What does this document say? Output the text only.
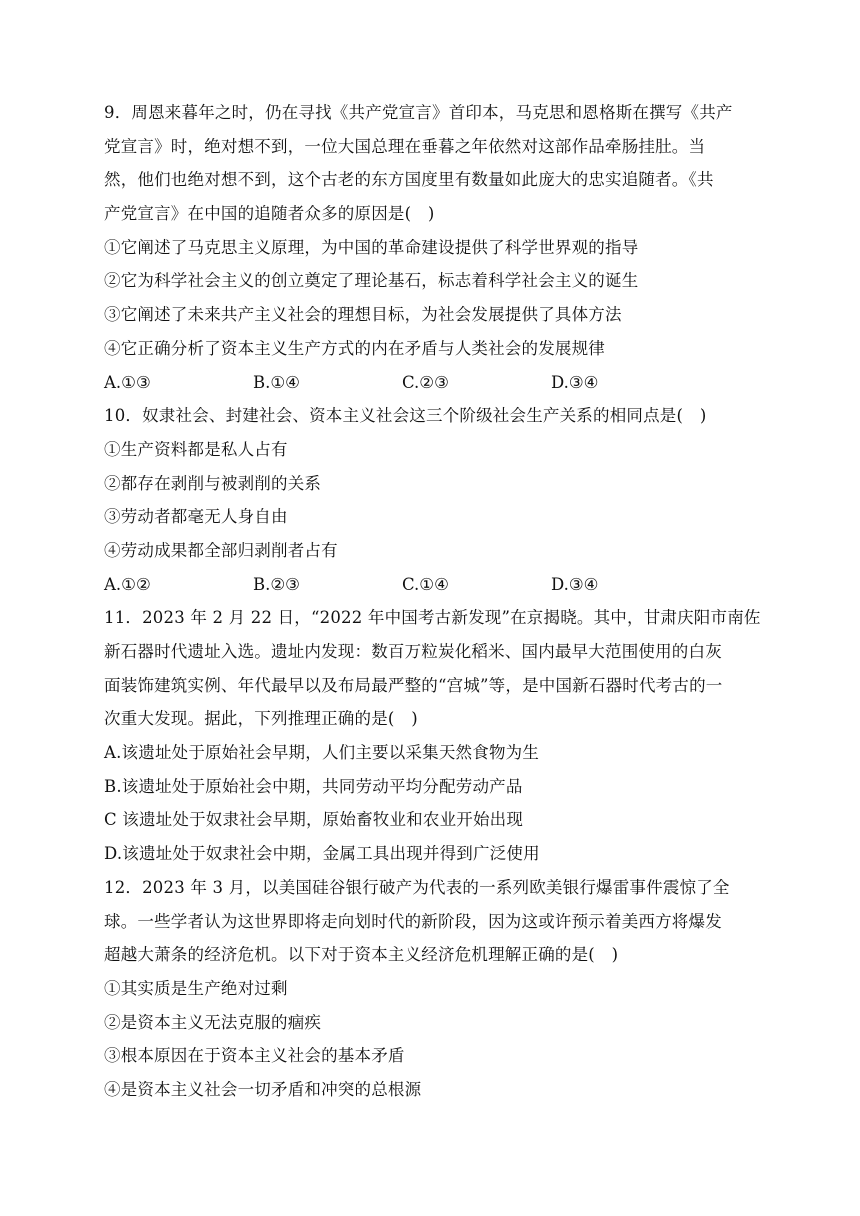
9．周恩来暮年之时，仍在寻找《共产党宣言》首印本，马克思和恩格斯在撰写《共产
党宣言》时，绝对想不到，一位大国总理在垂暮之年依然对这部作品牵肠挂肚。当
然，他们也绝对想不到，这个古老的东方国度里有数量如此庞大的忠实追随者。《共
产党宣言》在中国的追随者众多的原因是(　)
①它阐述了马克思主义原理，为中国的革命建设提供了科学世界观的指导
②它为科学社会主义的创立奠定了理论基石，标志着科学社会主义的诞生
③它阐述了未来共产主义社会的理想目标，为社会发展提供了具体方法
④它正确分析了资本主义生产方式的内在矛盾与人类社会的发展规律
A.①③	B.①④	C.②③	D.③④
10．奴隶社会、封建社会、资本主义社会这三个阶级社会生产关系的相同点是(　)
①生产资料都是私人占有
②都存在剥削与被剥削的关系
③劳动者都毫无人身自由
④劳动成果都全部归剥削者占有
A.①②	B.②③	C.①④	D.③④
11．2023 年 2 月 22 日，“2022 年中国考古新发现”在京揭晓。其中，甘肃庆阳市南佐
新石器时代遗址入选。遗址内发现：数百万粒炭化稻米、国内最早大范围使用的白灰
面装饰建筑实例、年代最早以及布局最严整的“宫城”等，是中国新石器时代考古的一
次重大发现。据此，下列推理正确的是(　)
A.该遗址处于原始社会早期，人们主要以采集天然食物为生
B.该遗址处于原始社会中期，共同劳动平均分配劳动产品
C 该遗址处于奴隶社会早期，原始畜牧业和农业开始出现
D.该遗址处于奴隶社会中期，金属工具出现并得到广泛使用
12．2023 年 3 月，以美国硅谷银行破产为代表的一系列欧美银行爆雷事件震惊了全
球。一些学者认为这世界即将走向划时代的新阶段，因为这或许预示着美西方将爆发
超越大萧条的经济危机。以下对于资本主义经济危机理解正确的是(　)
①其实质是生产绝对过剩
②是资本主义无法克服的痼疾
③根本原因在于资本主义社会的基本矛盾
④是资本主义社会一切矛盾和冲突的总根源
